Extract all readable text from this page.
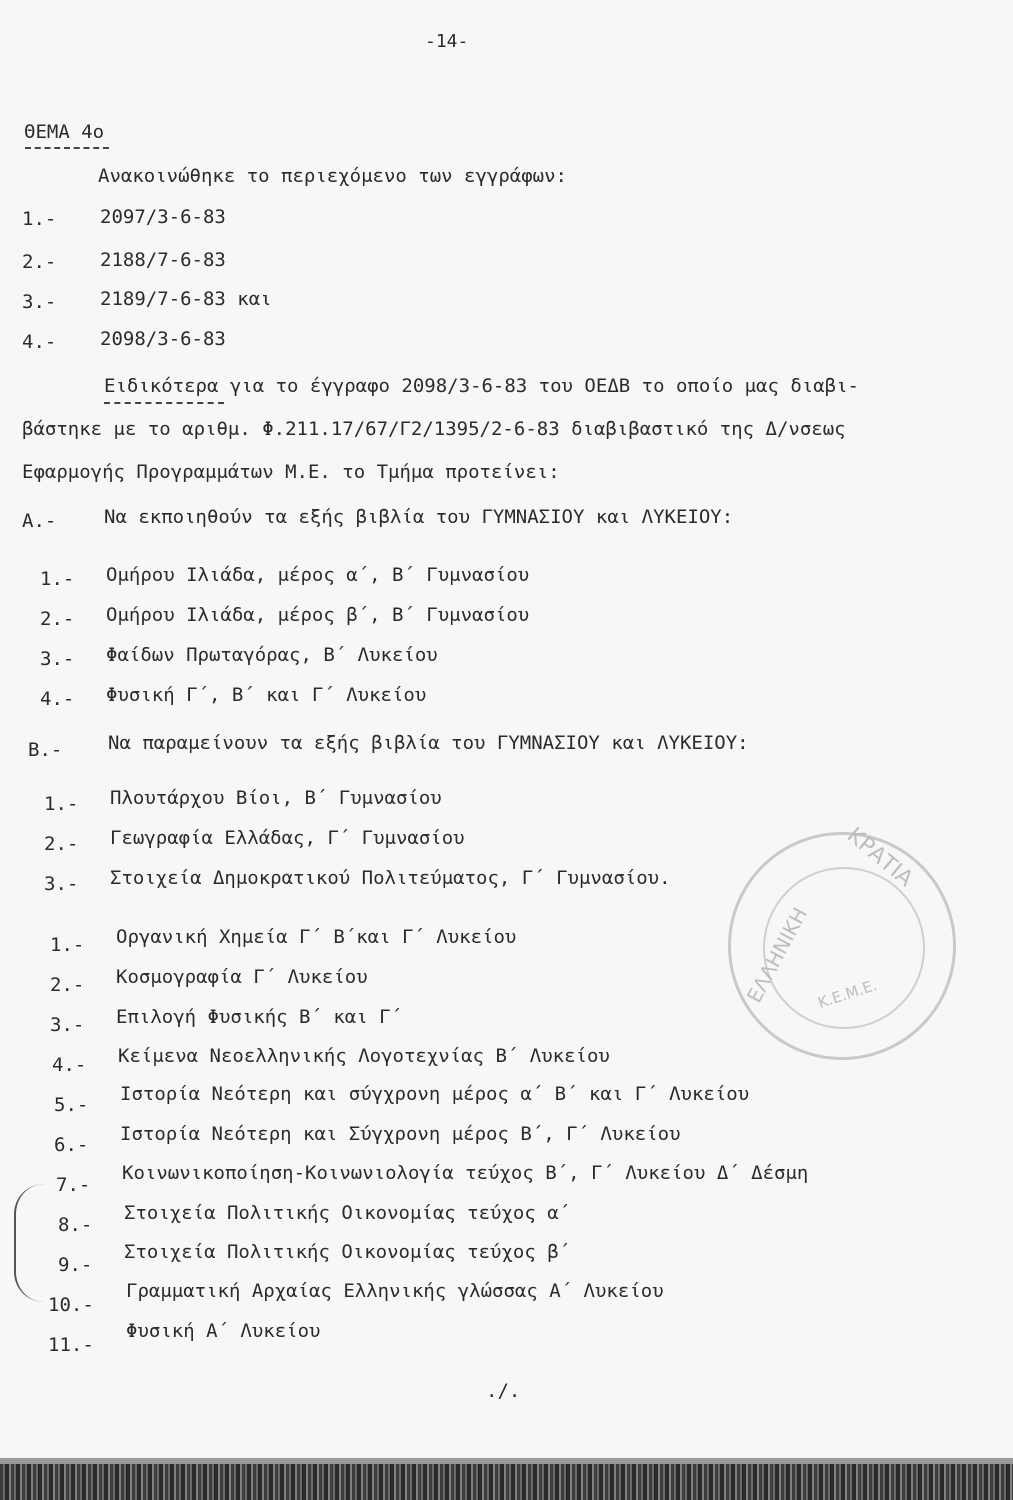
-14-
ΘΕΜΑ 4ο
Ανακοινώθηκε το περιεχόμενο των εγγράφων:
1.- 2097/3-6-83
2.- 2188/7-6-83
3.- 2189/7-6-83 και
4.- 2098/3-6-83
Ειδικότερα για το έγγραφο 2098/3-6-83 του ΟΕΔΒ το οποίο μας διαβι-
βάστηκε με το αριθμ. Φ.211.17/67/Γ2/1395/2-6-83 διαβιβαστικό της Δ/νσεως
Εφαρμογής Προγραμμάτων Μ.Ε. το Τμήμα προτείνει:
Α.-	Να εκποιηθούν τα εξής βιβλία του ΓΥΜΝΑΣΙΟΥ και ΛΥΚΕΙΟΥ:
1.- Ομήρου Ιλιάδα, μέρος α΄, Β΄ Γυμνασίου
2.- Ομήρου Ιλιάδα, μέρος β΄, Β΄ Γυμνασίου
3.- Φαίδων Πρωταγόρας, Β΄ Λυκείου
4.- Φυσική Γ΄, Β΄ και Γ΄ Λυκείου
Β.- Να παραμείνουν τα εξής βιβλία του ΓΥΜΝΑΣΙΟΥ και ΛΥΚΕΙΟΥ:
1.- Πλουτάρχου Βίοι, Β΄ Γυμνασίου
2.- Γεωγραφία Ελλάδας, Γ΄ Γυμνασίου
3.- Στοιχεία Δημοκρατικού Πολιτεύματος, Γ΄ Γυμνασίου.	ΚΡΑΤΙΑ
ΕΛΛΗΝΙΚΗ Κ.Ε.Μ.Ε.
1.- Οργανική Χημεία Γ΄ Β΄και Γ΄ Λυκείου
2.- Κοσμογραφία Γ΄ Λυκείου
3.- Επιλογή Φυσικής Β΄ και Γ΄
4.- Κείμενα Νεοελληνικής Λογοτεχνίας Β΄ Λυκείου
5.- Ιστορία Νεότερη και σύγχρονη μέρος α΄ Β΄ και Γ΄ Λυκείου
6.- Ιστορία Νεότερη και Σύγχρονη μέρος Β΄, Γ΄ Λυκείου
7.-
Κοινωνικοποίηση-Κοινωνιολογία τεύχος Β΄, Γ΄ Λυκείου Δ΄ Δέσμη
8.-
Στοιχεία Πολιτικής Οικονομίας τεύχος α΄
9.-
Στοιχεία Πολιτικής Οικονομίας τεύχος β΄
10.-
Γραμματική Αρχαίας Ελληνικής γλώσσας Α΄ Λυκείου
11.-
Φυσική Α΄ Λυκείου
./.
